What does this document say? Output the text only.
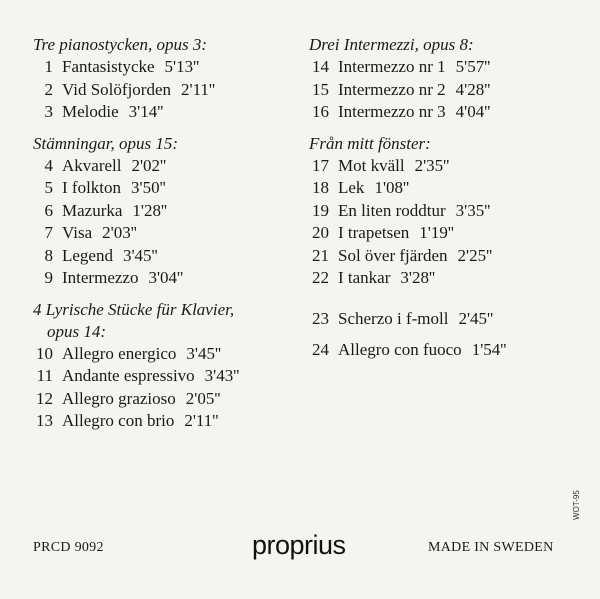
Tre pianostycken, opus 3:
1 Fantasistycke 5'13''
2 Vid Solöfjorden 2'11''
3 Melodie 3'14''
Stämningar, opus 15:
4 Akvarell 2'02''
5 I folkton 3'50''
6 Mazurka 1'28''
7 Visa 2'03''
8 Legend 3'45''
9 Intermezzo 3'04''
4 Lyrische Stücke für Klavier,
opus 14:
10 Allegro energico 3'45''
11 Andante espressivo 3'43''
12 Allegro grazioso 2'05''
13 Allegro con brio 2'11''
Drei Intermezzi, opus 8:
14 Intermezzo nr 1 5'57''
15 Intermezzo nr 2 4'28''
16 Intermezzo nr 3 4'04''
Från mitt fönster:
17 Mot kväll 2'35''
18 Lek 1'08''
19 En liten roddtur 3'35''
20 I trapetsen 1'19''
21 Sol över fjärden 2'25''
22 I tankar 3'28''
23 Scherzo i f-moll 2'45''
24 Allegro con fuoco 1'54''
PRCD 9092	proprius	MADE IN SWEDEN
WOT-95
